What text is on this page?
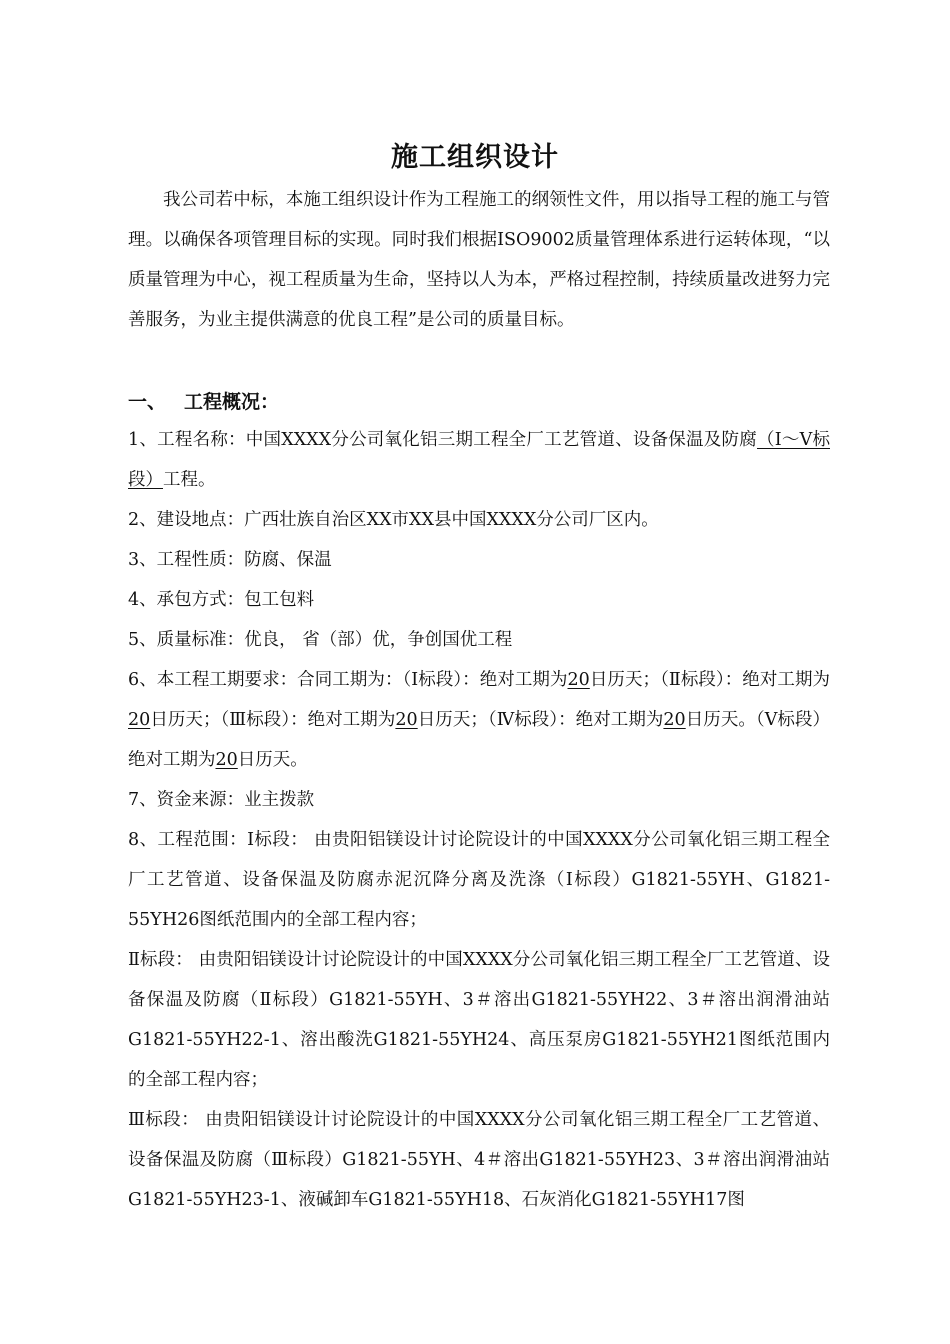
施工组织设计
我公司若中标，本施工组织设计作为工程施工的纲领性文件，用以指导工程的施工与管理。以确保各项管理目标的实现。同时我们根据ISO9002质量管理体系进行运转体现，“以质量管理为中心，视工程质量为生命，坚持以人为本，严格过程控制，持续质量改进努力完善服务，为业主提供满意的优良工程”是公司的质量目标。
一、 工程概况：
1、工程名称：中国XXXX分公司氧化铝三期工程全厂工艺管道、设备保温及防腐（Ⅰ～Ⅴ标段）工程。
2、建设地点：广西壮族自治区XX市XX县中国XXXX分公司厂区内。
3、工程性质：防腐、保温
4、承包方式：包工包料
5、质量标准：优良， 省（部）优，争创国优工程
6、本工程工期要求：合同工期为：（Ⅰ标段）：绝对工期为20日历天；（Ⅱ标段）：绝对工期为20日历天；（Ⅲ标段）：绝对工期为20日历天；（Ⅳ标段）：绝对工期为20日历天。（Ⅴ标段）绝对工期为20日历天。
7、资金来源：业主拨款
8、工程范围：Ⅰ标段： 由贵阳铝镁设计讨论院设计的中国XXXX分公司氧化铝三期工程全厂工艺管道、设备保温及防腐赤泥沉降分离及洗涤（Ⅰ标段）G1821-55YH、G1821-55YH26图纸范围内的全部工程内容；
Ⅱ标段： 由贵阳铝镁设计讨论院设计的中国XXXX分公司氧化铝三期工程全厂工艺管道、设备保温及防腐（Ⅱ标段）G1821-55YH、3＃溶出G1821-55YH22、3＃溶出润滑油站G1821-55YH22-1、溶出酸洗G1821-55YH24、高压泵房G1821-55YH21图纸范围内的全部工程内容；
Ⅲ标段： 由贵阳铝镁设计讨论院设计的中国XXXX分公司氧化铝三期工程全厂工艺管道、设备保温及防腐（Ⅲ标段）G1821-55YH、4＃溶出G1821-55YH23、3＃溶出润滑油站G1821-55YH23-1、液碱卸车G1821-55YH18、石灰消化G1821-55YH17图
